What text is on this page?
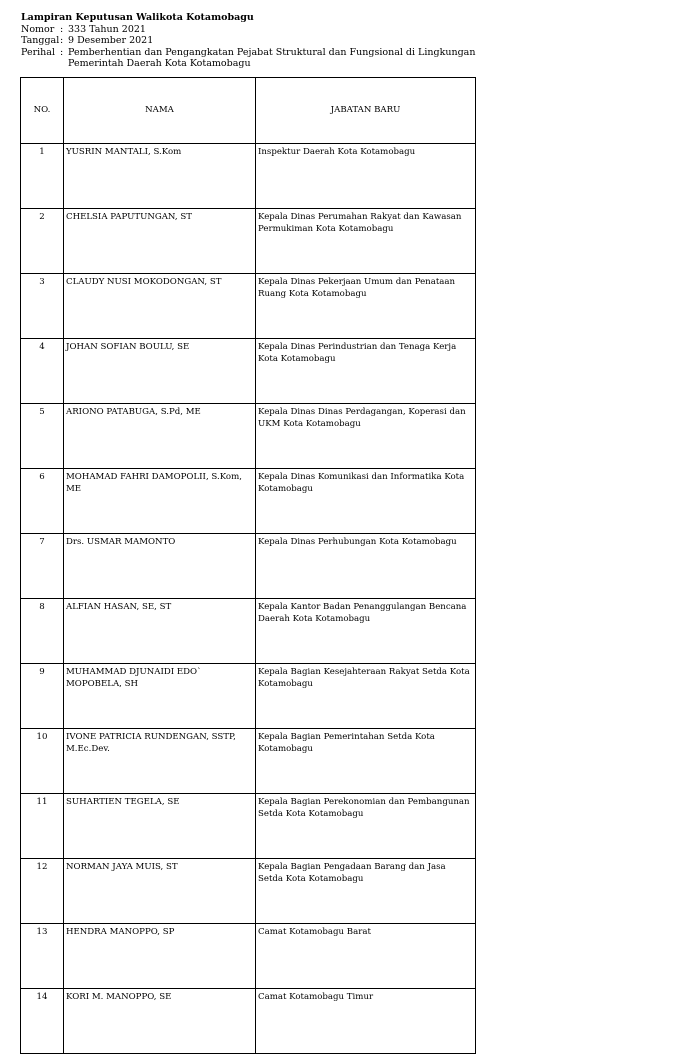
Lampiran Keputusan Walikota Kotamobagu
Nomor : 333 Tahun 2021
Tanggal : 9 Desember 2021
Perihal : Pemberhentian dan Pengangkatan Pejabat Struktural dan Fungsional di Lingkungan Pemerintah Daerah Kota Kotamobagu
NO.	NAMA	JABATAN BARU
1	YUSRIN MANTALI, S.Kom	Inspektur Daerah Kota Kotamobagu
2	CHELSIA PAPUTUNGAN, ST	Kepala Dinas Perumahan Rakyat dan Kawasan Permukiman Kota Kotamobagu
3	CLAUDY NUSI MOKODONGAN, ST	Kepala Dinas Pekerjaan Umum dan Penataan Ruang Kota Kotamobagu
4	JOHAN SOFIAN BOULU, SE	Kepala Dinas Perindustrian dan Tenaga Kerja Kota Kotamobagu
5	ARIONO PATABUGA, S.Pd, ME	Kepala Dinas Dinas Perdagangan, Koperasi dan UKM Kota Kotamobagu
6	MOHAMAD FAHRI DAMOPOLII, S.Kom, ME	Kepala Dinas Komunikasi dan Informatika Kota Kotamobagu
7	Drs. USMAR MAMONTO	Kepala Dinas Perhubungan Kota Kotamobagu
8	ALFIAN HASAN, SE, ST	Kepala Kantor Badan Penanggulangan Bencana Daerah Kota Kotamobagu
9	MUHAMMAD DJUNAIDI EDO` MOPOBELA, SH	Kepala Bagian Kesejahteraan Rakyat Setda Kota Kotamobagu
10	IVONE PATRICIA RUNDENGAN, SSTP, M.Ec.Dev.	Kepala Bagian Pemerintahan Setda Kota Kotamobagu
11	SUHARTIEN TEGELA, SE	Kepala Bagian Perekonomian dan Pembangunan Setda Kota Kotamobagu
12	NORMAN JAYA MUIS, ST	Kepala Bagian Pengadaan Barang dan Jasa Setda Kota Kotamobagu
13	HENDRA MANOPPO, SP	Camat Kotamobagu Barat
14	KORI M. MANOPPO, SE	Camat Kotamobagu Timur
